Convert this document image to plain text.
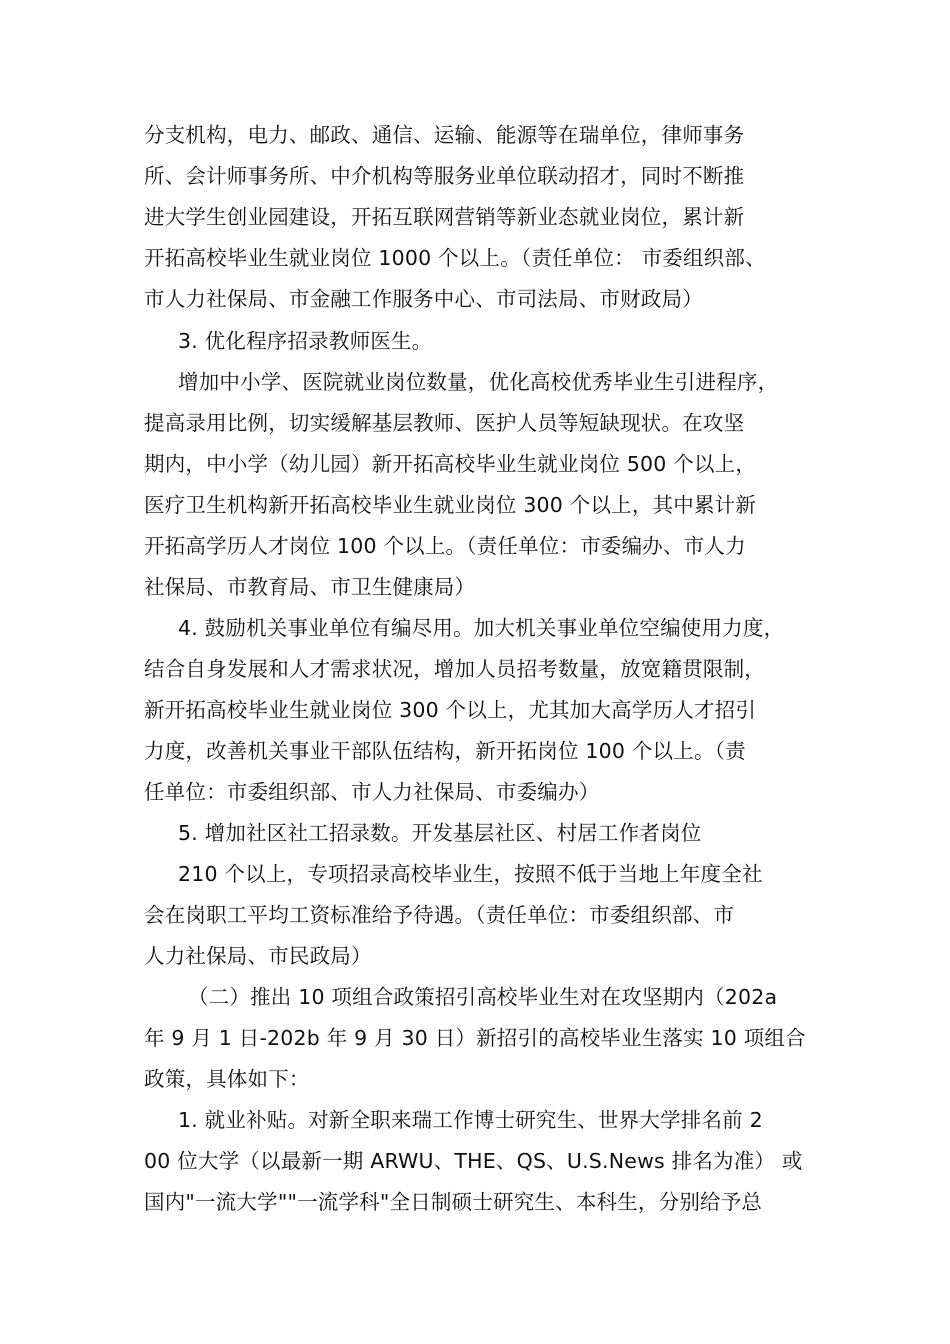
分支机构，电力、邮政、通信、运输、能源等在瑞单位，律师事务

所、会计师事务所、中介机构等服务业单位联动招才，同时不断推

进大学生创业园建设，开拓互联网营销等新业态就业岗位，累计新

开拓高校毕业生就业岗位 1000 个以上。（责任单位： 市委组织部、

市人力社保局、市金融工作服务中心、市司法局、市财政局）

3. 优化程序招录教师医生。

增加中小学、医院就业岗位数量，优化高校优秀毕业生引进程序，

提高录用比例，切实缓解基层教师、医护人员等短缺现状。在攻坚

期内，中小学（幼儿园）新开拓高校毕业生就业岗位 500 个以上，

医疗卫生机构新开拓高校毕业生就业岗位 300 个以上，其中累计新

开拓高学历人才岗位 100 个以上。（责任单位：市委编办、市人力

社保局、市教育局、市卫生健康局）

4. 鼓励机关事业单位有编尽用。加大机关事业单位空编使用力度，

结合自身发展和人才需求状况，增加人员招考数量，放宽籍贯限制，

新开拓高校毕业生就业岗位 300 个以上，尤其加大高学历人才招引

力度，改善机关事业干部队伍结构，新开拓岗位 100 个以上。（责

任单位：市委组织部、市人力社保局、市委编办）

5. 增加社区社工招录数。开发基层社区、村居工作者岗位

210 个以上，专项招录高校毕业生，按照不低于当地上年度全社

会在岗职工平均工资标准给予待遇。（责任单位：市委组织部、市

人力社保局、市民政局）

（二）推出 10 项组合政策招引高校毕业生对在攻坚期内（202a

年 9 月 1 日-202b 年 9 月 30 日）新招引的高校毕业生落实 10 项组合

政策，具体如下：

1. 就业补贴。对新全职来瑞工作博士研究生、世界大学排名前 2

00 位大学（以最新一期 ARWU、THE、QS、U.S.News 排名为准） 或

国内"一流大学""一流学科"全日制硕士研究生、本科生，分别给予总
